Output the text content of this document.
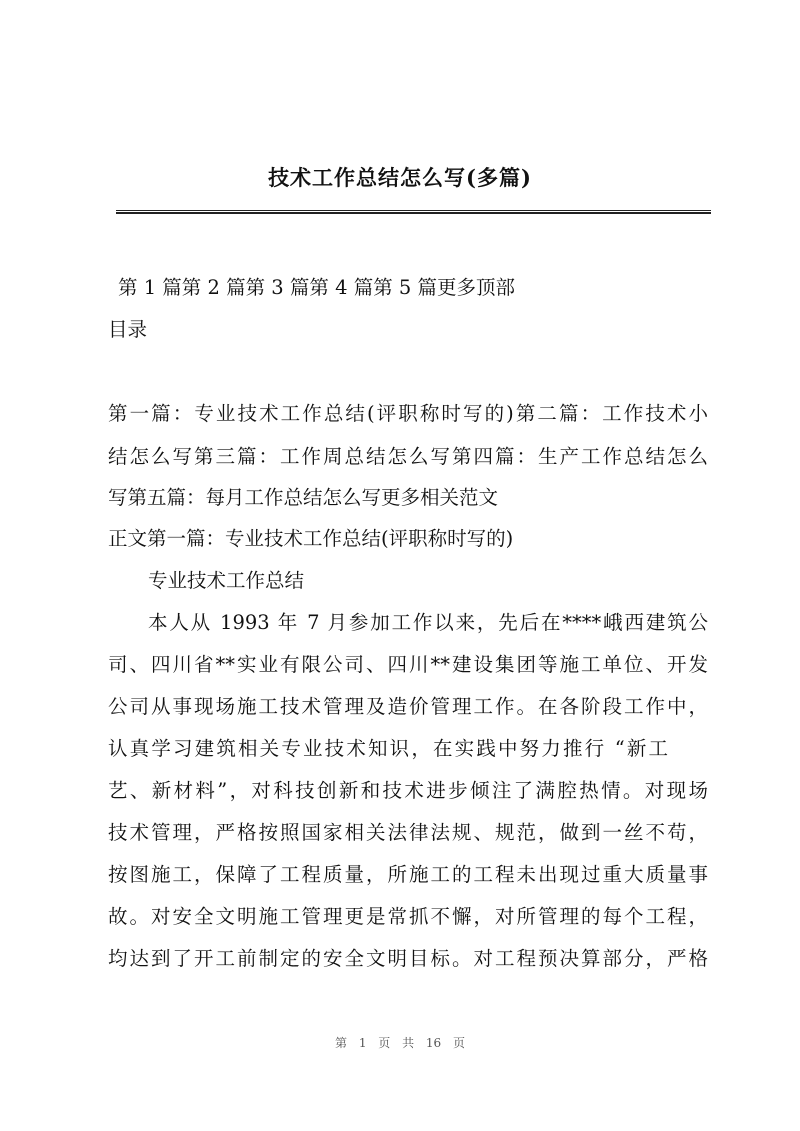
技术工作总结怎么写(多篇)
第 1 篇第 2 篇第 3 篇第 4 篇第 5 篇更多顶部
目录
第一篇：专业技术工作总结(评职称时写的)第二篇：工作技术小
结怎么写第三篇：工作周总结怎么写第四篇：生产工作总结怎么
写第五篇：每月工作总结怎么写更多相关范文
正文第一篇：专业技术工作总结(评职称时写的)
专业技术工作总结
本人从 1993 年 7 月参加工作以来，先后在****峨西建筑公
司、四川省**实业有限公司、四川**建设集团等施工单位、开发
公司从事现场施工技术管理及造价管理工作。在各阶段工作中，
认真学习建筑相关专业技术知识，在实践中努力推行 “新工
艺、新材料”，对科技创新和技术进步倾注了满腔热情。对现场
技术管理，严格按照国家相关法律法规、规范，做到一丝不苟，
按图施工，保障了工程质量，所施工的工程未出现过重大质量事
故。对安全文明施工管理更是常抓不懈，对所管理的每个工程，
均达到了开工前制定的安全文明目标。对工程预决算部分，严格
第 1 页 共 16 页
